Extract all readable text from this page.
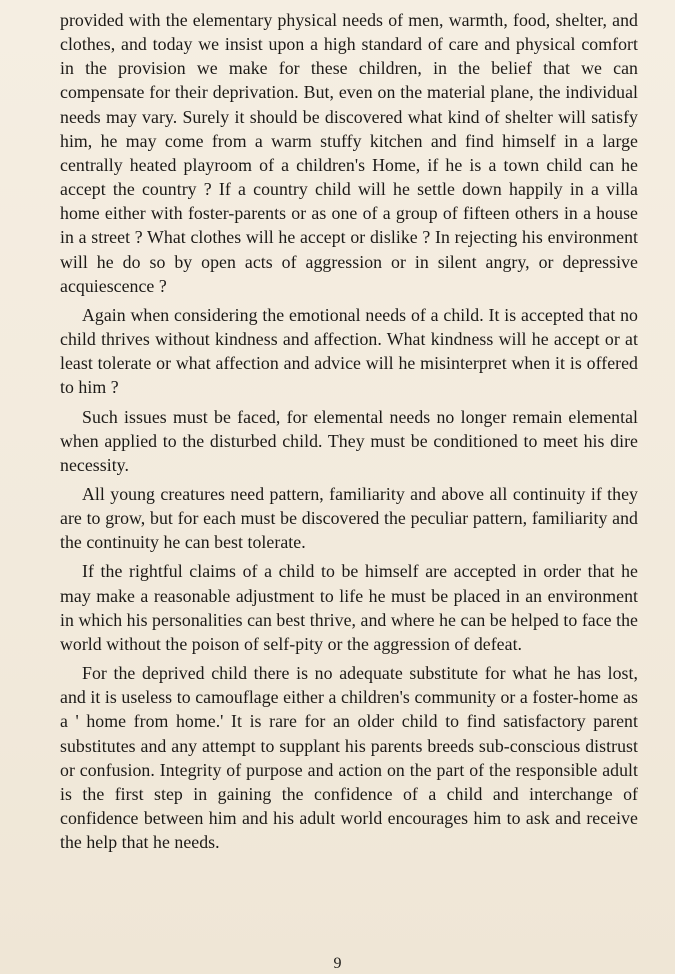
provided with the elementary physical needs of men, warmth, food, shelter, and clothes, and today we insist upon a high standard of care and physical comfort in the provision we make for these children, in the belief that we can compensate for their deprivation. But, even on the material plane, the individual needs may vary. Surely it should be discovered what kind of shelter will satisfy him, he may come from a warm stuffy kitchen and find himself in a large centrally heated playroom of a children's Home, if he is a town child can he accept the country ? If a country child will he settle down happily in a villa home either with foster-parents or as one of a group of fifteen others in a house in a street ? What clothes will he accept or dislike ? In rejecting his environment will he do so by open acts of aggression or in silent angry, or depressive acquiescence ?

Again when considering the emotional needs of a child. It is accepted that no child thrives without kindness and affection. What kindness will he accept or at least tolerate or what affection and advice will he misinterpret when it is offered to him ?

Such issues must be faced, for elemental needs no longer remain elemental when applied to the disturbed child. They must be conditioned to meet his dire necessity.

All young creatures need pattern, familiarity and above all continuity if they are to grow, but for each must be discovered the peculiar pattern, familiarity and the continuity he can best tolerate.

If the rightful claims of a child to be himself are accepted in order that he may make a reasonable adjustment to life he must be placed in an environment in which his personalities can best thrive, and where he can be helped to face the world without the poison of self-pity or the aggression of defeat.

For the deprived child there is no adequate substitute for what he has lost, and it is useless to camouflage either a children's community or a foster-home as a ' home from home.' It is rare for an older child to find satisfactory parent substitutes and any attempt to supplant his parents breeds sub-conscious distrust or confusion. Integrity of purpose and action on the part of the responsible adult is the first step in gaining the confidence of a child and interchange of confidence between him and his adult world encourages him to ask and receive the help that he needs.

9
